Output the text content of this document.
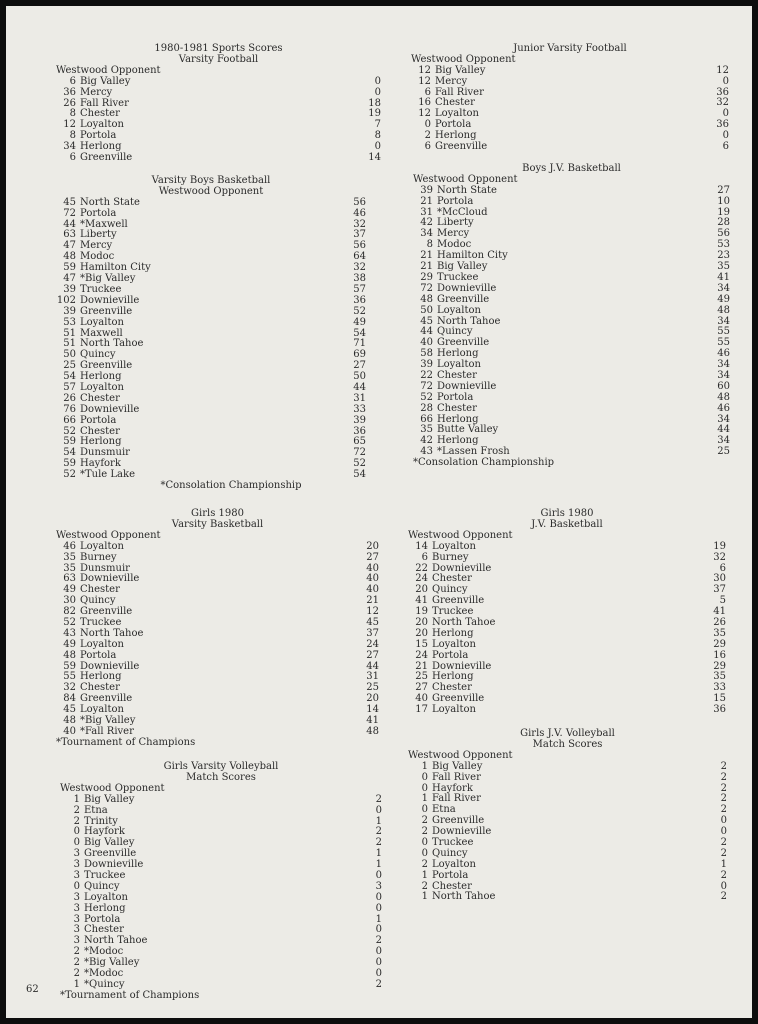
1980-1981 Sports Scores
Varsity Football
Westwood Opponent
6 Big Valley	0
36 Mercy	0
26 Fall River	18
8 Chester	19
12 Loyalton	7
8 Portola	8
34 Herlong	0
6 Greenville	14
Junior Varsity Football
Westwood Opponent
12 Big Valley	12
12 Mercy	0
6 Fall River	36
16 Chester	32
12 Loyalton	0
0 Portola	36
2 Herlong	0
6 Greenville	6
Varsity Boys Basketball
Westwood Opponent
45 North State	56
72 Portola	46
44 *Maxwell	32
63 Liberty	37
47 Mercy	56
48 Modoc	64
59 Hamilton City	32
47 *Big Valley	38
39 Truckee	57
102 Downieville	36
39 Greenville	52
53 Loyalton	49
51 Maxwell	54
51 North Tahoe	71
50 Quincy	69
25 Greenville	27
54 Herlong	50
57 Loyalton	44
26 Chester	31
76 Downieville	33
66 Portola	39
52 Chester	36
59 Herlong	65
54 Dunsmuir	72
59 Hayfork	52
52 *Tule Lake	54
*Consolation Championship
Boys J.V. Basketball
Westwood Opponent
39 North State	27
21 Portola	10
31 *McCloud	19
42 Liberty	28
34 Mercy	56
8 Modoc	53
21 Hamilton City	23
21 Big Valley	35
29 Truckee	41
72 Downieville	34
48 Greenville	49
50 Loyalton	48
45 North Tahoe	34
44 Quincy	55
40 Greenville	55
58 Herlong	46
39 Loyalton	34
22 Chester	34
72 Downieville	60
52 Portola	48
28 Chester	46
66 Herlong	34
35 Butte Valley	44
42 Herlong	34
43 *Lassen Frosh	25
*Consolation Championship
Girls 1980
Varsity Basketball
Westwood Opponent
46 Loyalton	20
35 Burney	27
35 Dunsmuir	40
63 Downieville	40
49 Chester	40
30 Quincy	21
82 Greenville	12
52 Truckee	45
43 North Tahoe	37
49 Loyalton	24
48 Portola	27
59 Downieville	44
55 Herlong	31
32 Chester	25
84 Greenville	20
45 Loyalton	14
48 *Big Valley	41
40 *Fall River	48
*Tournament of Champions
Girls 1980
J.V. Basketball
Westwood Opponent
14 Loyalton	19
6 Burney	32
22 Downieville	6
24 Chester	30
20 Quincy	37
41 Greenville	5
19 Truckee	41
20 North Tahoe	26
20 Herlong	35
15 Loyalton	29
24 Portola	16
21 Downieville	29
25 Herlong	35
27 Chester	33
40 Greenville	15
17 Loyalton	36
Girls Varsity Volleyball
Match Scores
Westwood Opponent
1 Big Valley	2
2 Etna	0
2 Trinity	1
0 Hayfork	2
0 Big Valley	2
3 Greenville	1
3 Downieville	1
3 Truckee	0
0 Quincy	3
3 Loyalton	0
3 Herlong	0
3 Portola	1
3 Chester	0
3 North Tahoe	2
2 *Modoc	0
2 *Big Valley	0
2 *Modoc	0
1 *Quincy	2
*Tournament of Champions
Girls J.V. Volleyball
Match Scores
Westwood Opponent
1 Big Valley	2
0 Fall River	2
0 Hayfork	2
1 Fall River	2
0 Etna	2
2 Greenville	0
2 Downieville	0
0 Truckee	2
0 Quincy	2
2 Loyalton	1
1 Portola	2
2 Chester	0
1 North Tahoe	2
62
